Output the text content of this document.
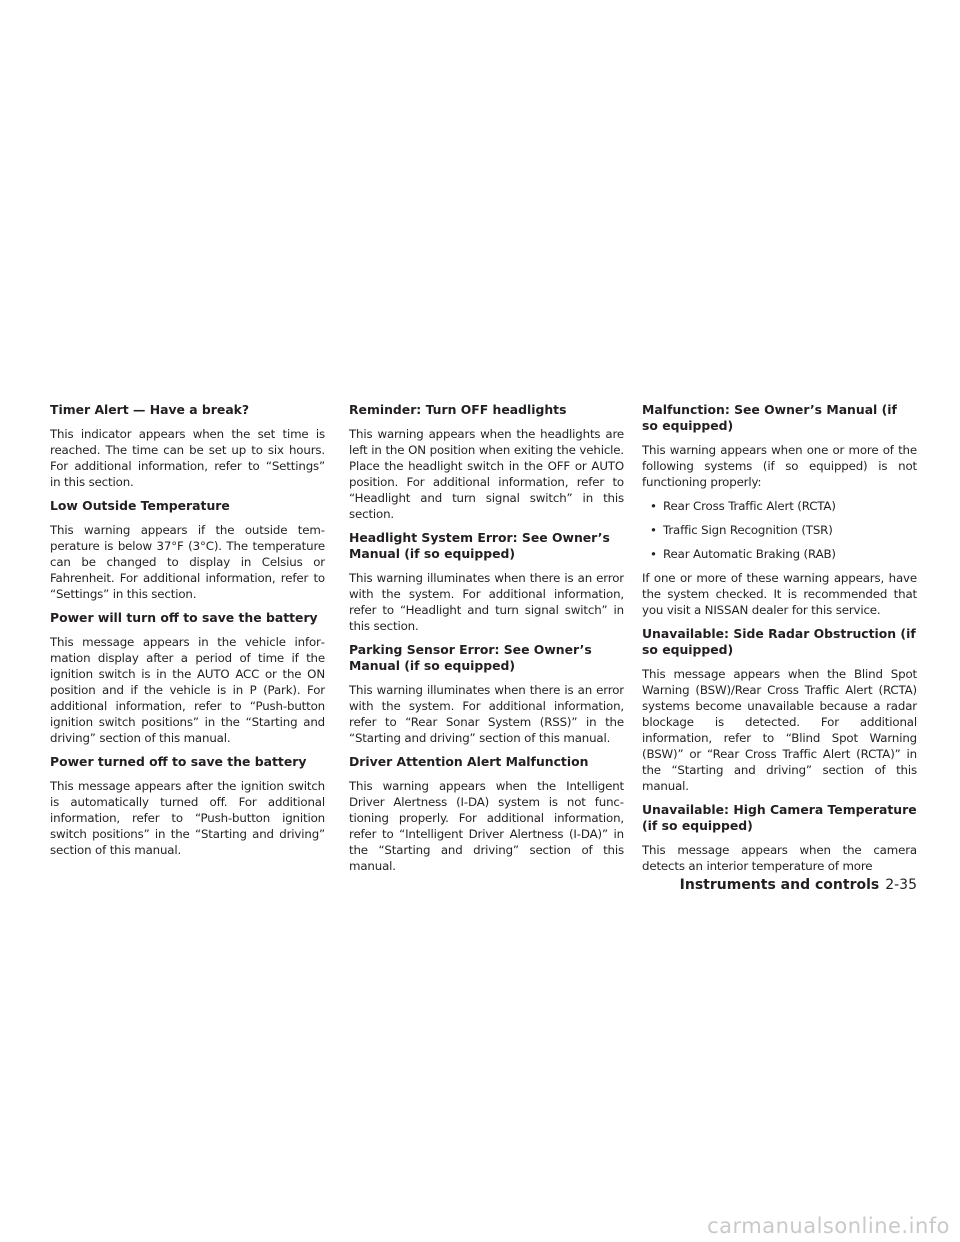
Timer Alert — Have a break?

This indicator appears when the set time is reached. The time can be set up to six hours. For additional information, refer to “Settings” in this section.

Low Outside Temperature

This warning appears if the outside temperature is below 37°F (3°C). The temperature can be changed to display in Celsius or Fahrenheit. For additional information, refer to “Settings” in this section.

Power will turn off to save the battery

This message appears in the vehicle information display after a period of time if the ignition switch is in the AUTO ACC or the ON position and if the vehicle is in P (Park). For additional information, refer to “Push-button ignition switch positions” in the “Starting and driving” section of this manual.

Power turned off to save the battery

This message appears after the ignition switch is automatically turned off. For additional information, refer to “Push-button ignition switch positions” in the “Starting and driving” section of this manual.

Reminder: Turn OFF headlights

This warning appears when the headlights are left in the ON position when exiting the vehicle. Place the headlight switch in the OFF or AUTO position. For additional information, refer to “Headlight and turn signal switch” in this section.

Headlight System Error: See Owner’s Manual (if so equipped)

This warning illuminates when there is an error with the system. For additional information, refer to “Headlight and turn signal switch” in this section.

Parking Sensor Error: See Owner’s Manual (if so equipped)

This warning illuminates when there is an error with the system. For additional information, refer to “Rear Sonar System (RSS)” in the “Starting and driving” section of this manual.

Driver Attention Alert Malfunction

This warning appears when the Intelligent Driver Alertness (I-DA) system is not functioning properly. For additional information, refer to “Intelligent Driver Alertness (I-DA)” in the “Starting and driving” section of this manual.

Malfunction: See Owner’s Manual (if so equipped)

This warning appears when one or more of the following systems (if so equipped) is not functioning properly:

• Rear Cross Traffic Alert (RCTA)
• Traffic Sign Recognition (TSR)
• Rear Automatic Braking (RAB)

If one or more of these warning appears, have the system checked. It is recommended that you visit a NISSAN dealer for this service.

Unavailable: Side Radar Obstruction (if so equipped)

This message appears when the Blind Spot Warning (BSW)/Rear Cross Traffic Alert (RCTA) systems become unavailable because a radar blockage is detected. For additional information, refer to “Blind Spot Warning (BSW)” or “Rear Cross Traffic Alert (RCTA)” in the “Starting and driving” section of this manual.

Unavailable: High Camera Temperature (if so equipped)

This message appears when the camera detects an interior temperature of more

Instruments and controls 2-35
carmanualsonline.info
